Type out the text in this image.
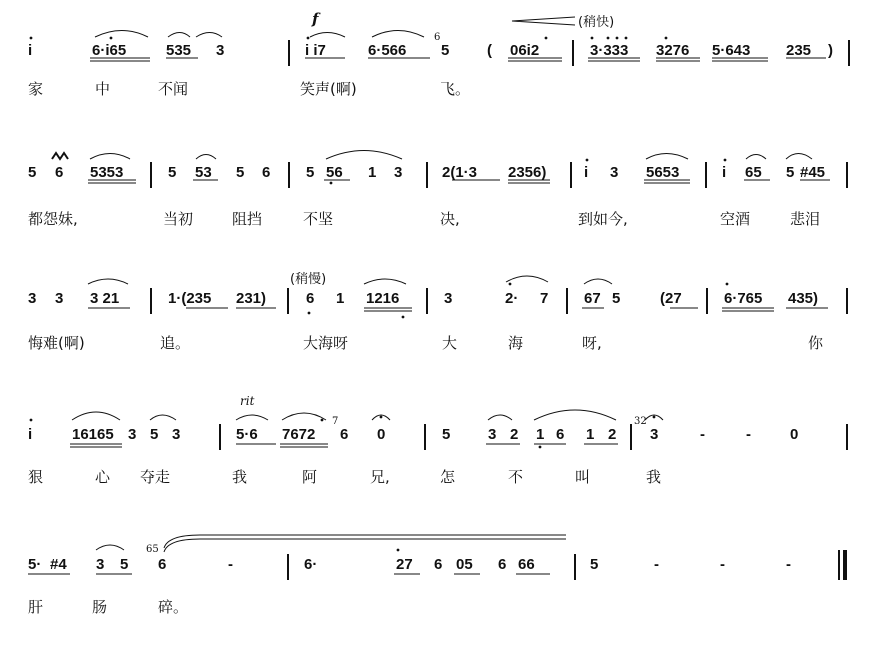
f	(稍快)
i	6·i65	535 3	i i7	6·566
6
5	( 06i2	3·333 3276 5·643 235 )
家	中	不闻	笑声(啊)	飞。
5 6 5353	5 53 5 6 5 56 1 3	2(1·3 2356)	i 3 5653	i 65 5 #45
都怨妹,	当初	阻挡	不坚	决,	到如今,	空酒	悲泪
(稍慢)
3 3 3 21	1·(235 231)	6 1 1216	3	2· 7 67 5	(27	6·765 435)
悔难(啊)	追。	大海呀	大	海	呀,	你
rit
i	16165 3 5 3	5·6 7672
7
6 0	5	3 2 1 6 1 2
32
3	-	-	0
狠	心 夺走	我	阿	兄,	怎	不	叫	我
5· #4 3 5
65
6	-	6·	27 6 05 6 66	5	-	-	-
肝	肠	碎。
